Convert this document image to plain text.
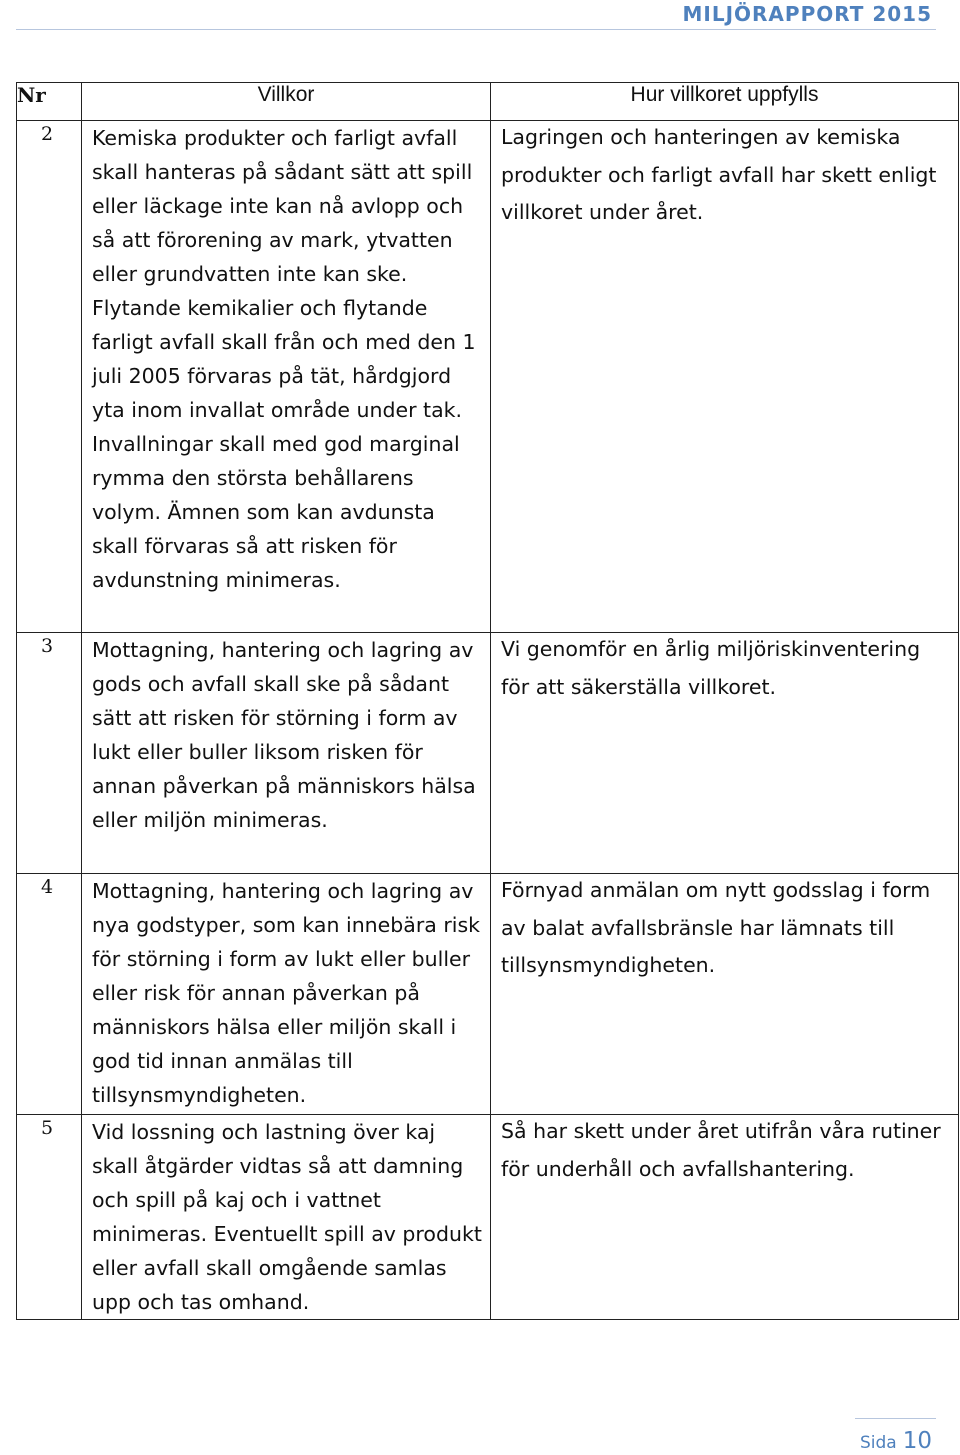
MILJÖRAPPORT 2015
Nr	Villkor	Hur villkoret uppfylls
2	Kemiska produkter och farligt avfall skall hanteras på sådant sätt att spill eller läckage inte kan nå avlopp och så att förorening av mark, ytvatten eller grundvatten inte kan ske. Flytande kemikalier och flytande farligt avfall skall från och med den 1 juli 2005 förvaras på tät, hårdgjord yta inom invallat område under tak. Invallningar skall med god marginal rymma den största behållarens volym. Ämnen som kan avdunsta skall förvaras så att risken för avdunstning minimeras.	Lagringen och hanteringen av kemiska produkter och farligt avfall har skett enligt villkoret under året.

3	Mottagning, hantering och lagring av gods och avfall skall ske på sådant sätt att risken för störning i form av lukt eller buller liksom risken för annan påverkan på människors hälsa eller miljön minimeras.	Vi genomför en årlig miljöriskinventering för att säkerställa villkoret.

4	Mottagning, hantering och lagring av nya godstyper, som kan innebära risk för störning i form av lukt eller buller eller risk för annan påverkan på människors hälsa eller miljön skall i god tid innan anmälas till tillsynsmyndigheten.	Förnyad anmälan om nytt godsslag i form av balat avfallsbränsle har lämnats till tillsynsmyndigheten.

5	Vid lossning och lastning över kaj skall åtgärder vidtas så att damning och spill på kaj och i vattnet minimeras. Eventuellt spill av produkt eller avfall skall omgående samlas upp och tas omhand.	Så har skett under året utifrån våra rutiner för underhåll och avfallshantering.
Sida 10
